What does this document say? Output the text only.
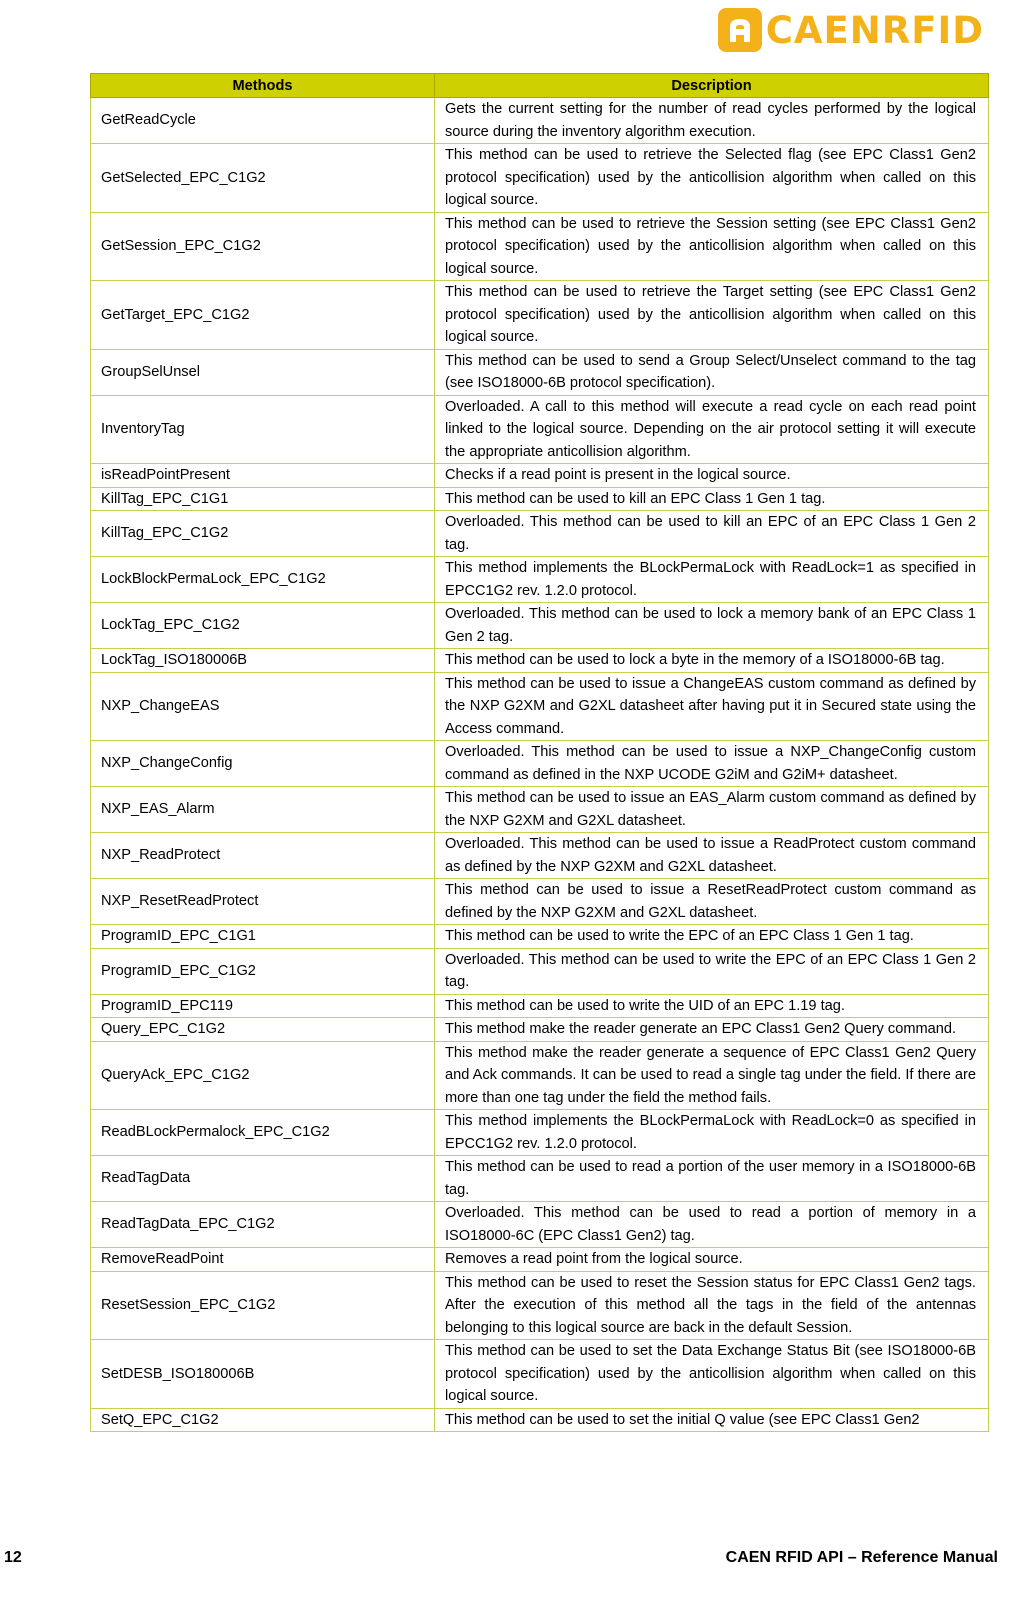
CAENRFID
Methods	Description
GetReadCycle	Gets the current setting for the number of read cycles performed by the logical source during the inventory algorithm execution.
GetSelected_EPC_C1G2	This method can be used to retrieve the Selected flag (see EPC Class1 Gen2 protocol specification) used by the anticollision algorithm when called on this logical source.
GetSession_EPC_C1G2	This method can be used to retrieve the Session setting (see EPC Class1 Gen2 protocol specification) used by the anticollision algorithm when called on this logical source.
GetTarget_EPC_C1G2	This method can be used to retrieve the Target setting (see EPC Class1 Gen2 protocol specification) used by the anticollision algorithm when called on this logical source.
GroupSelUnsel	This method can be used to send a Group Select/Unselect command to the tag (see ISO18000-6B protocol specification).
InventoryTag	Overloaded. A call to this method will execute a read cycle on each read point linked to the logical source. Depending on the air protocol setting it will execute the appropriate anticollision algorithm.
isReadPointPresent	Checks if a read point is present in the logical source.
KillTag_EPC_C1G1	This method can be used to kill an EPC Class 1 Gen 1 tag.
KillTag_EPC_C1G2	Overloaded. This method can be used to kill an EPC of an EPC Class 1 Gen 2 tag.
LockBlockPermaLock_EPC_C1G2	This method implements the BLockPermaLock with ReadLock=1 as specified in EPCC1G2 rev. 1.2.0 protocol.
LockTag_EPC_C1G2	Overloaded. This method can be used to lock a memory bank of an EPC Class 1 Gen 2 tag.
LockTag_ISO180006B	This method can be used to lock a byte in the memory of a ISO18000-6B tag.
NXP_ChangeEAS	This method can be used to issue a ChangeEAS custom command as defined by the NXP G2XM and G2XL datasheet after having put it in Secured state using the Access command.
NXP_ChangeConfig	Overloaded. This method can be used to issue a NXP_ChangeConfig custom command as defined in the NXP UCODE G2iM and G2iM+ datasheet.
NXP_EAS_Alarm	This method can be used to issue an EAS_Alarm custom command as defined by the NXP G2XM and G2XL datasheet.
NXP_ReadProtect	Overloaded. This method can be used to issue a ReadProtect custom command as defined by the NXP G2XM and G2XL datasheet.
NXP_ResetReadProtect	This method can be used to issue a ResetReadProtect custom command as defined by the NXP G2XM and G2XL datasheet.
ProgramID_EPC_C1G1	This method can be used to write the EPC of an EPC Class 1 Gen 1 tag.
ProgramID_EPC_C1G2	Overloaded. This method can be used to write the EPC of an EPC Class 1 Gen 2 tag.
ProgramID_EPC119	This method can be used to write the UID of an EPC 1.19 tag.
Query_EPC_C1G2	This method make the reader generate an EPC Class1 Gen2 Query command.
QueryAck_EPC_C1G2	This method make the reader generate a sequence of EPC Class1 Gen2 Query and Ack commands. It can be used to read a single tag under the field. If there are more than one tag under the field the method fails.
ReadBLockPermalock_EPC_C1G2	This method implements the BLockPermaLock with ReadLock=0 as specified in EPCC1G2 rev. 1.2.0 protocol.
ReadTagData	This method can be used to read a portion of the user memory in a ISO18000-6B tag.
ReadTagData_EPC_C1G2	Overloaded. This method can be used to read a portion of memory in a ISO18000-6C (EPC Class1 Gen2) tag.
RemoveReadPoint	Removes a read point from the logical source.
ResetSession_EPC_C1G2	This method can be used to reset the Session status for EPC Class1 Gen2 tags. After the execution of this method all the tags in the field of the antennas belonging to this logical source are back in the default Session.
SetDESB_ISO180006B	This method can be used to set the Data Exchange Status Bit (see ISO18000-6B protocol specification) used by the anticollision algorithm when called on this logical source.
SetQ_EPC_C1G2	This method can be used to set the initial Q value (see EPC Class1 Gen2
12	CAEN RFID API – Reference Manual
